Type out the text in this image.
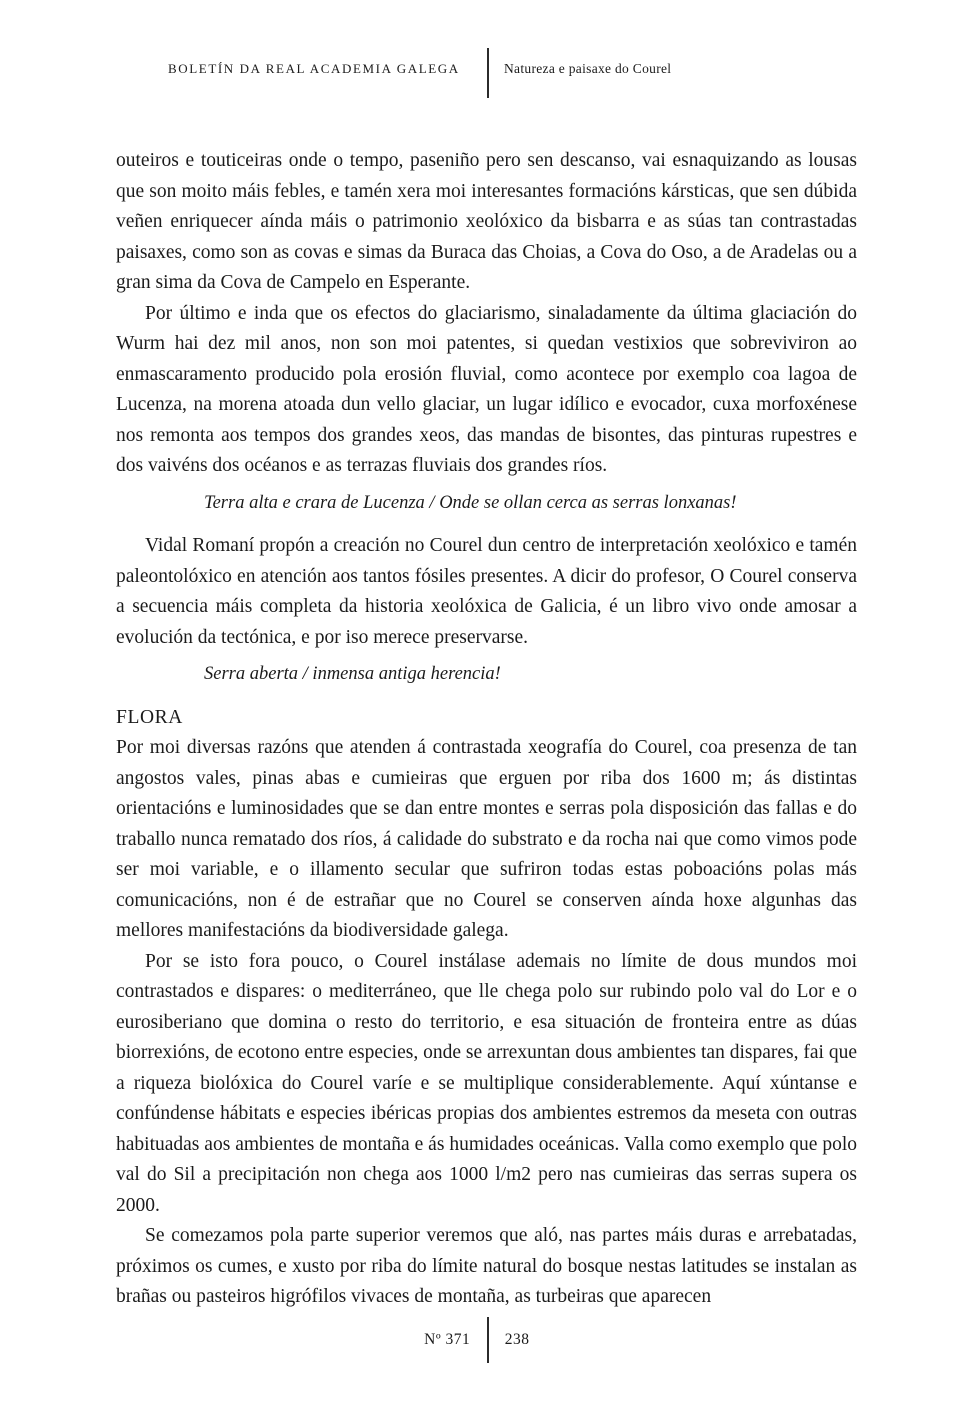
BOLETÍN DA REAL ACADEMIA GALEGA	Natureza e paisaxe do Courel

outeiros e touticeiras onde o tempo, paseniño pero sen descanso, vai esnaquizando as lousas que son moito máis febles, e tamén xera moi interesantes formacións kársticas, que sen dúbida veñen enriquecer aínda máis o patrimonio xeolóxico da bisbarra e as súas tan contrastadas paisaxes, como son as covas e simas da Buraca das Choias, a Cova do Oso, a de Aradelas ou a gran sima da Cova de Campelo en Esperante.

Por último e inda que os efectos do glaciarismo, sinaladamente da última glaciación do Wurm hai dez mil anos, non son moi patentes, si quedan vestixios que sobreviviron ao enmascaramento producido pola erosión fluvial, como acontece por exemplo coa lagoa de Lucenza, na morena atoada dun vello glaciar, un lugar idílico e evocador, cuxa morfoxénese nos remonta aos tempos dos grandes xeos, das mandas de bisontes, das pinturas rupestres e dos vaivéns dos océanos e as terrazas fluviais dos grandes ríos.

Terra alta e crara de Lucenza / Onde se ollan cerca as serras lonxanas!

Vidal Romaní propón a creación no Courel dun centro de interpretación xeolóxico e tamén paleontolóxico en atención aos tantos fósiles presentes. A dicir do profesor, O Courel conserva a secuencia máis completa da historia xeolóxica de Galicia, é un libro vivo onde amosar a evolución da tectónica, e por iso merece preservarse.

Serra aberta / inmensa antiga herencia!

FLORA

Por moi diversas razóns que atenden á contrastada xeografía do Courel, coa presenza de tan angostos vales, pinas abas e cumieiras que erguen por riba dos 1600 m; ás distintas orientacións e luminosidades que se dan entre montes e serras pola disposición das fallas e do traballo nunca rematado dos ríos, á calidade do substrato e da rocha nai que como vimos pode ser moi variable, e o illamento secular que sufriron todas estas poboacións polas más comunicacións, non é de estrañar que no Courel se conserven aínda hoxe algunhas das mellores manifestacións da biodiversidade galega.

Por se isto fora pouco, o Courel instálase ademais no límite de dous mundos moi contrastados e dispares: o mediterráneo, que lle chega polo sur rubindo polo val do Lor e o eurosiberiano que domina o resto do territorio, e esa situación de fronteira entre as dúas biorrexións, de ecotono entre especies, onde se arrexuntan dous ambientes tan dispares, fai que a riqueza biolóxica do Courel varíe e se multiplique considerablemente. Aquí xúntanse e confúndense hábitats e especies ibéricas propias dos ambientes estremos da meseta con outras habituadas aos ambientes de montaña e ás humidades oceánicas. Valla como exemplo que polo val do Sil a precipitación non chega aos 1000 l/m2 pero nas cumieiras das serras supera os 2000.

Se comezamos pola parte superior veremos que aló, nas partes máis duras e arrebatadas, próximos os cumes, e xusto por riba do límite natural do bosque nestas latitudes se instalan as brañas ou pasteiros higrófilos vivaces de montaña, as turbeiras que aparecen

Nº 371	238
